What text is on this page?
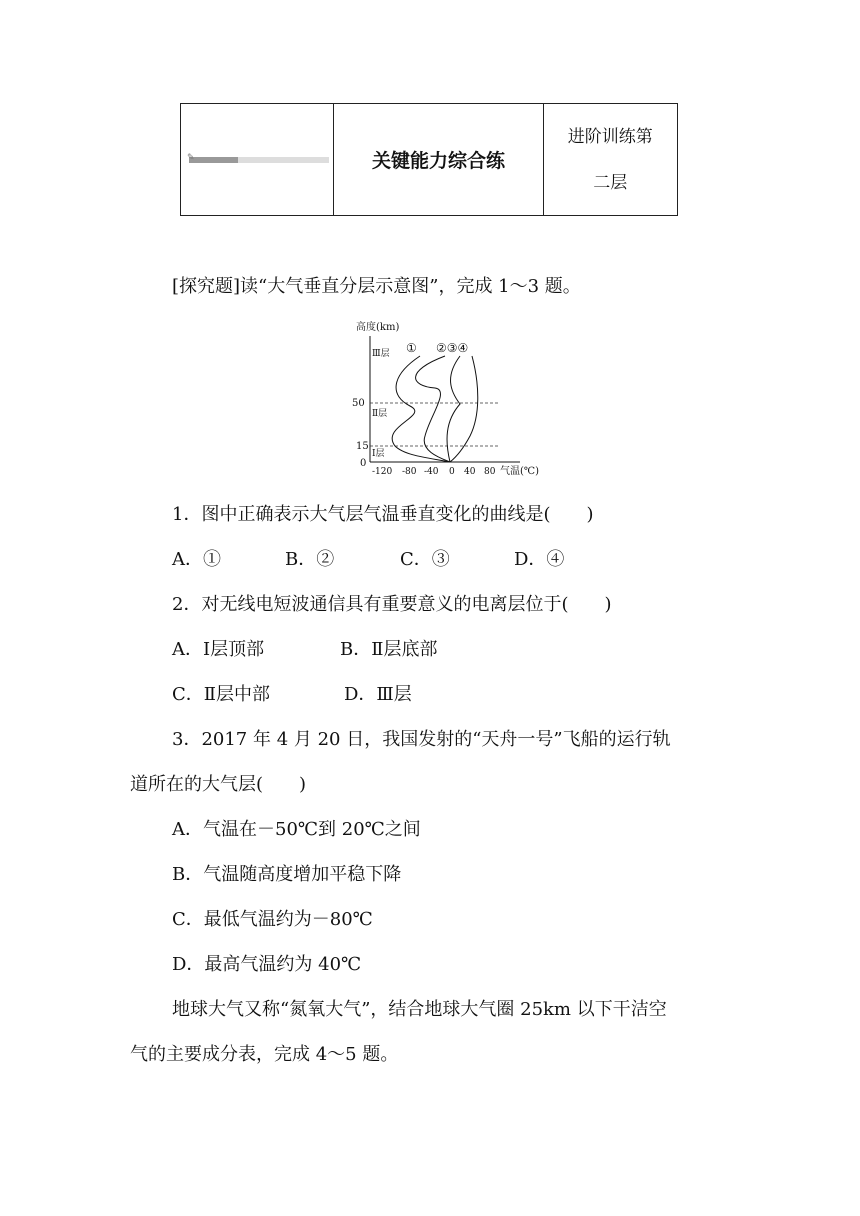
✎	关键能力综合练
进阶训练第
二层
[探究题]读“大气垂直分层示意图”，完成 1～3 题。
高度(km)
气温(℃)
50
15
0
Ⅲ层
Ⅱ层
Ⅰ层
-120 -80 -40 0 40 80
① ②③④
1．图中正确表示大气层气温垂直变化的曲线是(　　)
A．①	B．②	C．③	D．④
2．对无线电短波通信具有重要意义的电离层位于(　　)
A．Ⅰ层顶部	B．Ⅱ层底部
C．Ⅱ层中部	D．Ⅲ层
3．2017 年 4 月 20 日，我国发射的“天舟一号”飞船的运行轨
道所在的大气层(　　)
A．气温在－50℃到 20℃之间
B．气温随高度增加平稳下降
C．最低气温约为－80℃
D．最高气温约为 40℃
地球大气又称“氮氧大气”，结合地球大气圈 25km 以下干洁空
气的主要成分表，完成 4～5 题。
